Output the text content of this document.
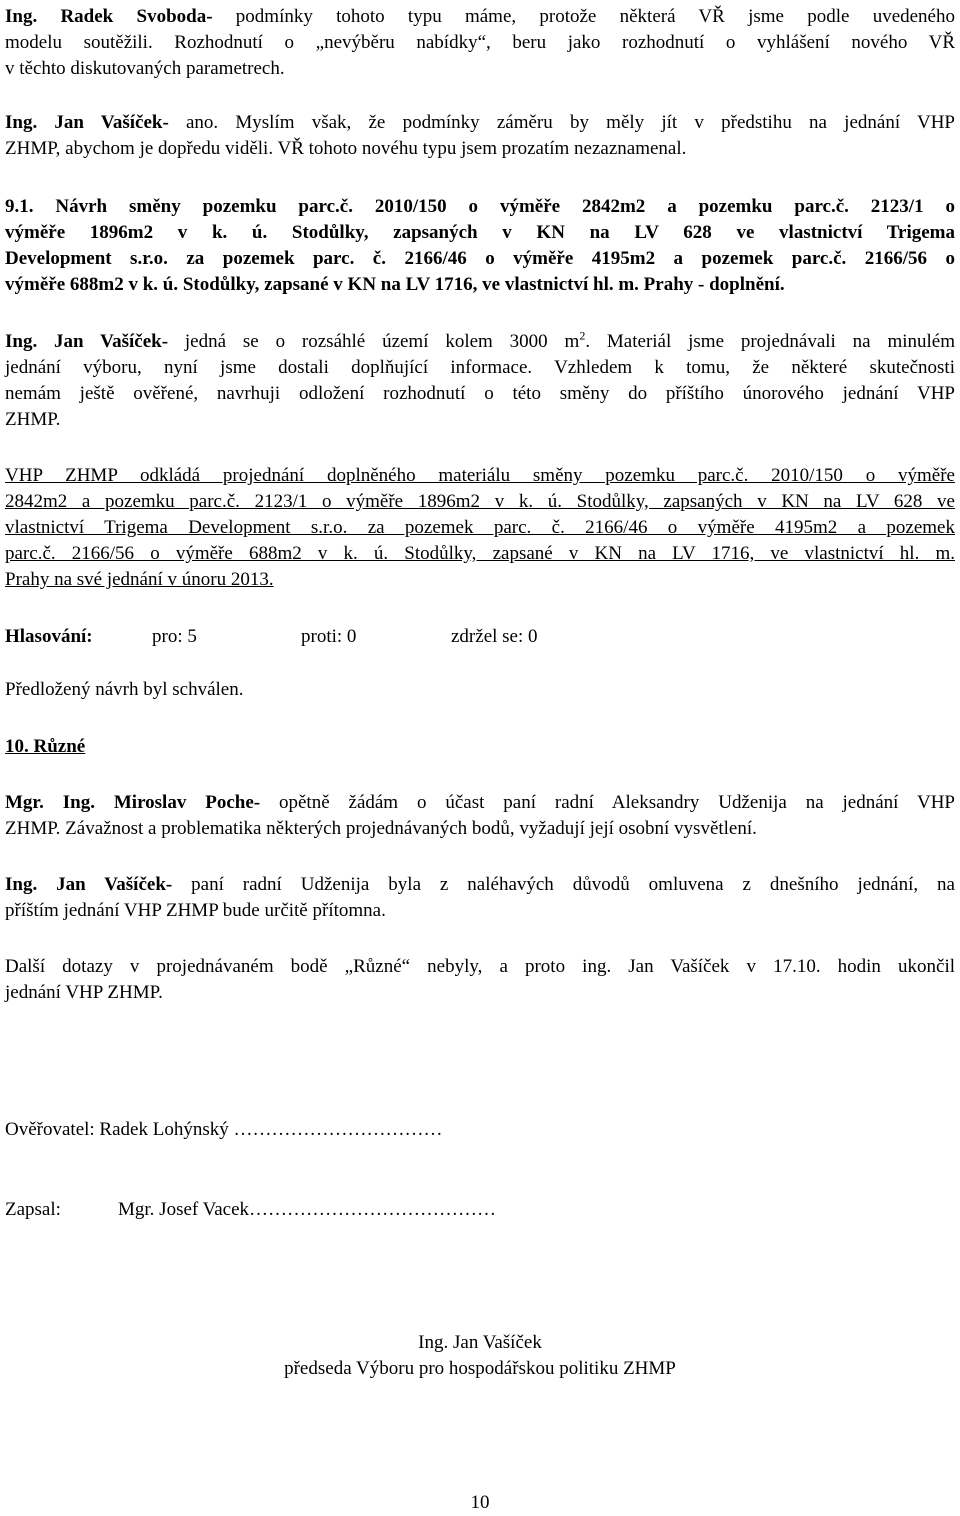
Ing. Radek Svoboda- podmínky tohoto typu máme, protože některá VŘ jsme podle uvedeného
modelu soutěžili. Rozhodnutí o „nevýběru nabídky“, beru jako rozhodnutí o vyhlášení nového VŘ
v těchto diskutovaných parametrech.
Ing. Jan Vašíček- ano. Myslím však, že podmínky záměru by měly jít v předstihu na jednání VHP
ZHMP, abychom je dopředu viděli. VŘ tohoto novéhu typu jsem prozatím nezaznamenal.
9.1. Návrh směny pozemku parc.č. 2010/150 o výměře 2842m2 a pozemku parc.č. 2123/1 o
výměře 1896m2 v k. ú. Stodůlky, zapsaných v KN na LV 628 ve vlastnictví Trigema
Development s.r.o. za pozemek parc. č. 2166/46 o výměře 4195m2 a pozemek parc.č. 2166/56 o
výměře 688m2 v k. ú. Stodůlky, zapsané v KN na LV 1716, ve vlastnictví hl. m. Prahy - doplnění.
Ing. Jan Vašíček- jedná se o rozsáhlé území kolem 3000 $m^2$. Materiál jsme projednávali na minulém
jednání výboru, nyní jsme dostali doplňující informace. Vzhledem k tomu, že některé skutečnosti
nemám ještě ověřené, navrhuji odložení rozhodnutí o této směny do příštího únorového jednání VHP
ZHMP.
VHP ZHMP odkládá projednání doplněného materiálu směny pozemku parc.č. 2010/150 o výměře
2842m2 a pozemku parc.č. 2123/1 o výměře 1896m2 v k. ú. Stodůlky, zapsaných v KN na LV 628 ve
vlastnictví Trigema Development s.r.o. za pozemek parc. č. 2166/46 o výměře 4195m2 a pozemek
parc.č. 2166/56 o výměře 688m2 v k. ú. Stodůlky, zapsané v KN na LV 1716, ve vlastnictví hl. m.
Prahy na své jednání v únoru 2013.
Hlasování:	pro: 5	proti: 0	zdržel se: 0
Předložený návrh byl schválen.
10. Různé
Mgr. Ing. Miroslav Poche- opětně žádám o účast paní radní Aleksandry Udženija na jednání VHP
ZHMP. Závažnost a problematika některých projednávaných bodů, vyžadují její osobní vysvětlení.
Ing. Jan Vašíček- paní radní Udženija byla z naléhavých důvodů omluvena z dnešního jednání, na
příštím jednání VHP ZHMP bude určitě přítomna.
Další dotazy v projednávaném bodě „Různé“ nebyly, a proto ing. Jan Vašíček v 17.10. hodin ukončil
jednání VHP ZHMP.
Ověřovatel: Radek Lohýnský ……………………………
Zapsal:	Mgr. Josef Vacek…………………………………
Ing. Jan Vašíček
předseda Výboru pro hospodářskou politiku ZHMP
10
